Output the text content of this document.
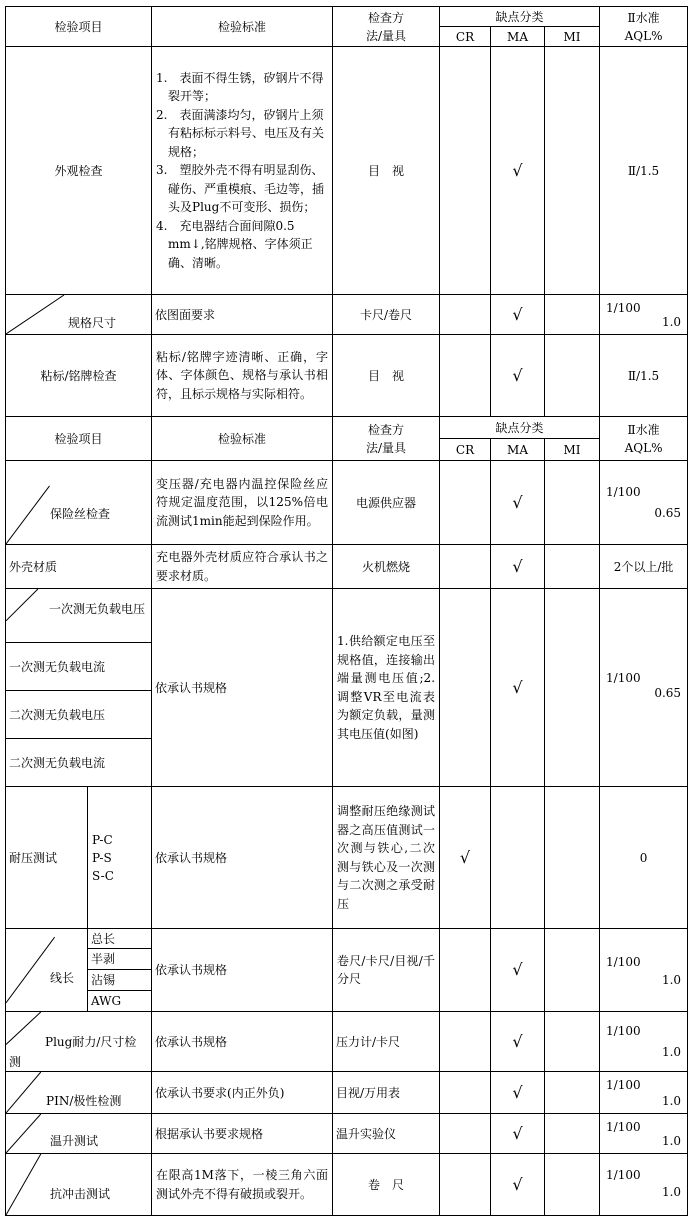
检验项目		检验标准	检查方
法/量具	缺点分类			Ⅱ水准
AQL%
				CR	MA	MI	
外观检查		1.　表面不得生锈，矽钢片不得裂开等；
2.　表面满漆均匀，矽钢片上须有粘标标示料号、电压及有关规格；
3.　塑胶外壳不得有明显刮伤、碰伤、严重模痕、毛边等，插头及Plug不可变形、损伤；
4.　充电器结合面间隙0.5 mm↓,铭牌规格、字体须正确、清晰。	目　视		√		Ⅱ/1.5

规格尺寸		依图面要求	卡尺/卷尺		√		1/100
1.0

粘标/铭牌检查		粘标/铭牌字迹清晰、正确，字体、字体颜色、规格与承认书相符，且标示规格与实际相符。	目　视		√		Ⅱ/1.5
检验项目		检验标准	检查方
法/量具	缺点分类			Ⅱ水准
AQL%
				CR	MA	MI	

保险丝检查		变压器/充电器内温控保险丝应符规定温度范围，以125%倍电流测试1min能起到保险作用。	电源供应器		√		1/100
0.65

外壳材质		充电器外壳材质应符合承认书之要求材质。	火机燃烧		√		2个以上/批

一次测无负载电压		依承认书规格	1.供给额定电压至规格值，连接输出端量测电压值;2.调整VR至电流表为额定负载，量测其电压值(如图)		√		1/100
0.65

一次测无负载电流							
二次测无负载电压							
二次测无负载电流							
耐压测试	P-C
P-S
S-C	依承认书规格	调整耐压绝缘测试器之高压值测试一次测与铁心,二次测与铁心及一次测与二次测之承受耐压	√			0

线长	总长	依承认书规格	卷尺/卡尺/目视/千分尺		√		1/100
1.0

	半剥						
	沾锡						
	AWG						

Plug耐力/尺寸检测		依承认书规格	压力计/卡尺		√		1/100
1.0

PIN/极性检测		依承认书要求(内正外负)	目视/万用表		√		1/100
1.0

温升测试		根据承认书要求规格	温升实验仪		√		1/100
1.0

抗冲击测试		在限高1M落下，一棱三角六面测试外壳不得有破损或裂开。	卷　尺		√		1/100
1.0
